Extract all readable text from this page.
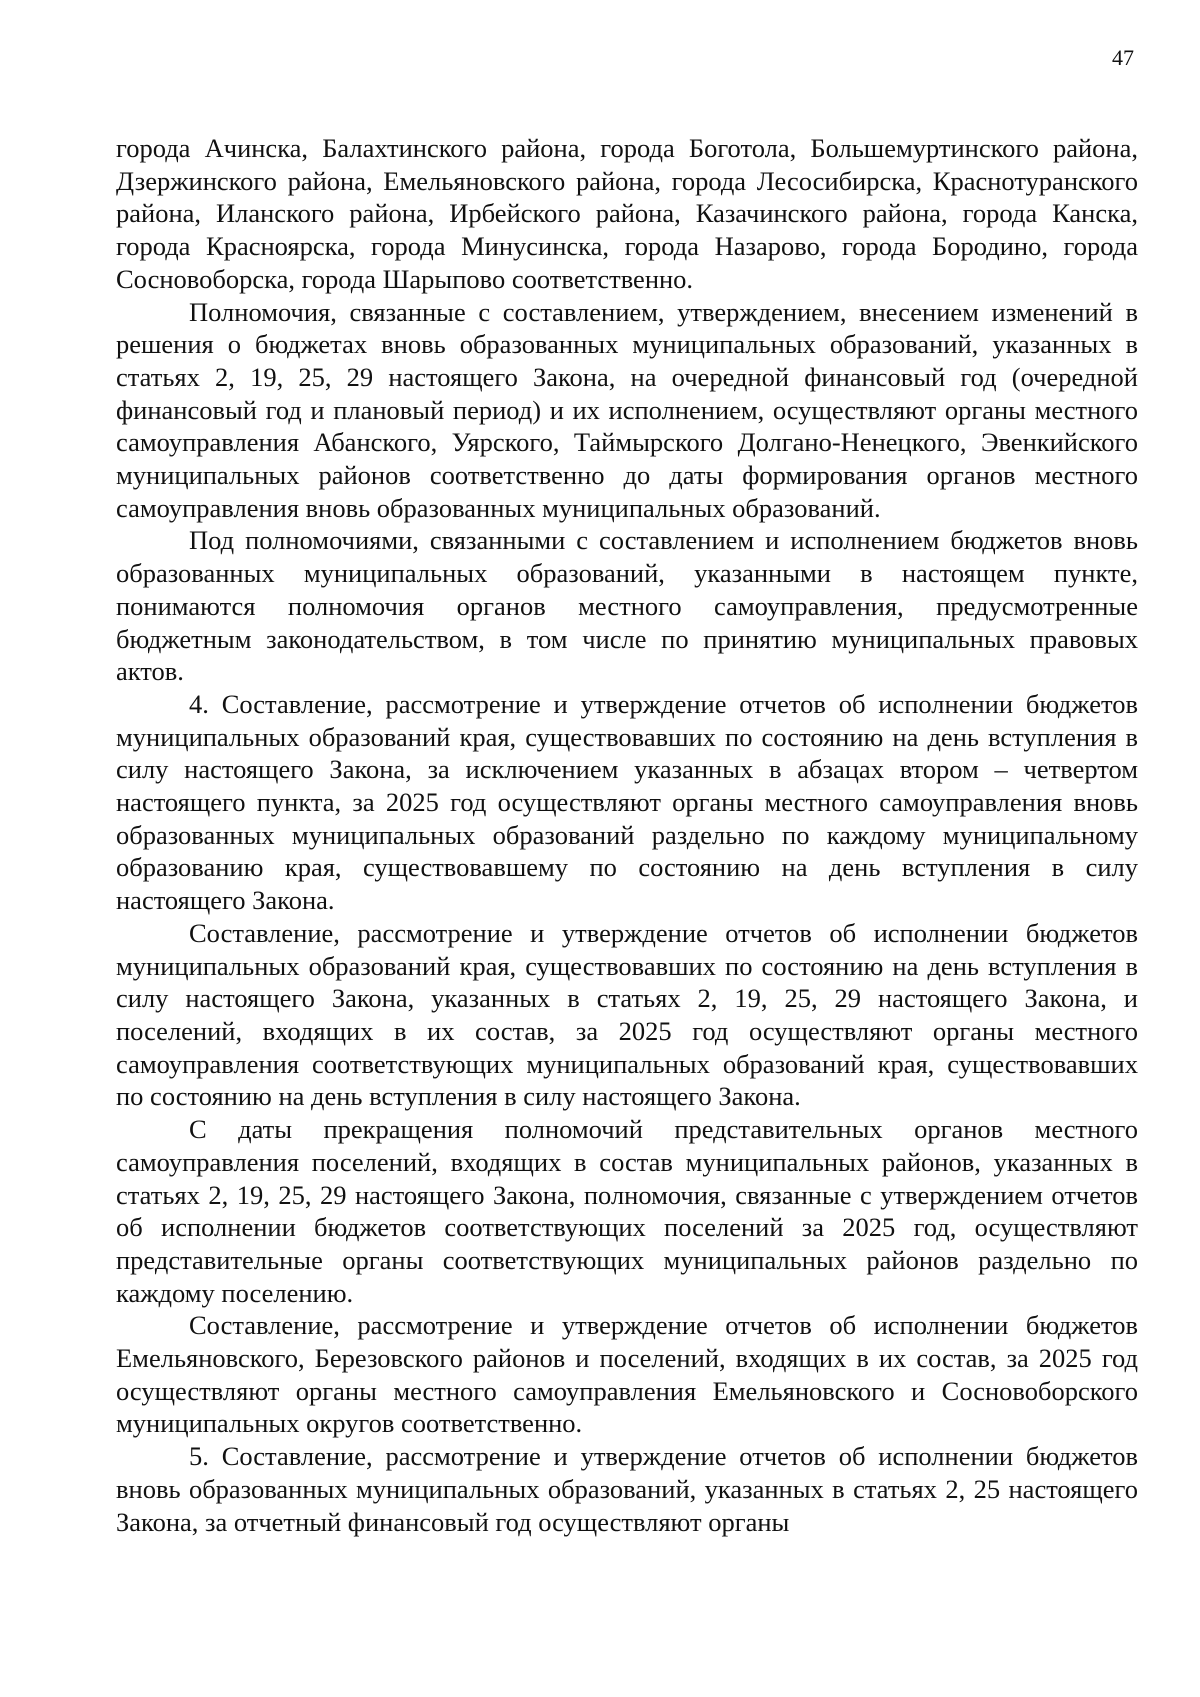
47

города Ачинска, Балахтинского района, города Боготола, Большемуртинского района, Дзержинского района, Емельяновского района, города Лесосибирска, Краснотуранского района, Иланского района, Ирбейского района, Казачинского района, города Канска, города Красноярска, города Минусинска, города Назарово, города Бородино, города Сосновоборска, города Шарыпово соответственно.

Полномочия, связанные с составлением, утверждением, внесением изменений в решения о бюджетах вновь образованных муниципальных образований, указанных в статьях 2, 19, 25, 29 настоящего Закона, на очередной финансовый год (очередной финансовый год и плановый период) и их исполнением, осуществляют органы местного самоуправления Абанского, Уярского, Таймырского Долгано-Ненецкого, Эвенкийского муниципальных районов соответственно до даты формирования органов местного самоуправления вновь образованных муниципальных образований.

Под полномочиями, связанными с составлением и исполнением бюджетов вновь образованных муниципальных образований, указанными в настоящем пункте, понимаются полномочия органов местного самоуправления, предусмотренные бюджетным законодательством, в том числе по принятию муниципальных правовых актов.

4. Составление, рассмотрение и утверждение отчетов об исполнении бюджетов муниципальных образований края, существовавших по состоянию на день вступления в силу настоящего Закона, за исключением указанных в абзацах втором – четвертом настоящего пункта, за 2025 год осуществляют органы местного самоуправления вновь образованных муниципальных образований раздельно по каждому муниципальному образованию края, существовавшему по состоянию на день вступления в силу настоящего Закона.

Составление, рассмотрение и утверждение отчетов об исполнении бюджетов муниципальных образований края, существовавших по состоянию на день вступления в силу настоящего Закона, указанных в статьях 2, 19, 25, 29 настоящего Закона, и поселений, входящих в их состав, за 2025 год осуществляют органы местного самоуправления соответствующих муниципальных образований края, существовавших по состоянию на день вступления в силу настоящего Закона.

С даты прекращения полномочий представительных органов местного самоуправления поселений, входящих в состав муниципальных районов, указанных в статьях 2, 19, 25, 29 настоящего Закона, полномочия, связанные с утверждением отчетов об исполнении бюджетов соответствующих поселений за 2025 год, осуществляют представительные органы соответствующих муниципальных районов раздельно по каждому поселению.

Составление, рассмотрение и утверждение отчетов об исполнении бюджетов Емельяновского, Березовского районов и поселений, входящих в их состав, за 2025 год осуществляют органы местного самоуправления Емельяновского и Сосновоборского муниципальных округов соответственно.

5. Составление, рассмотрение и утверждение отчетов об исполнении бюджетов вновь образованных муниципальных образований, указанных в статьях 2, 25 настоящего Закона, за отчетный финансовый год осуществляют органы
